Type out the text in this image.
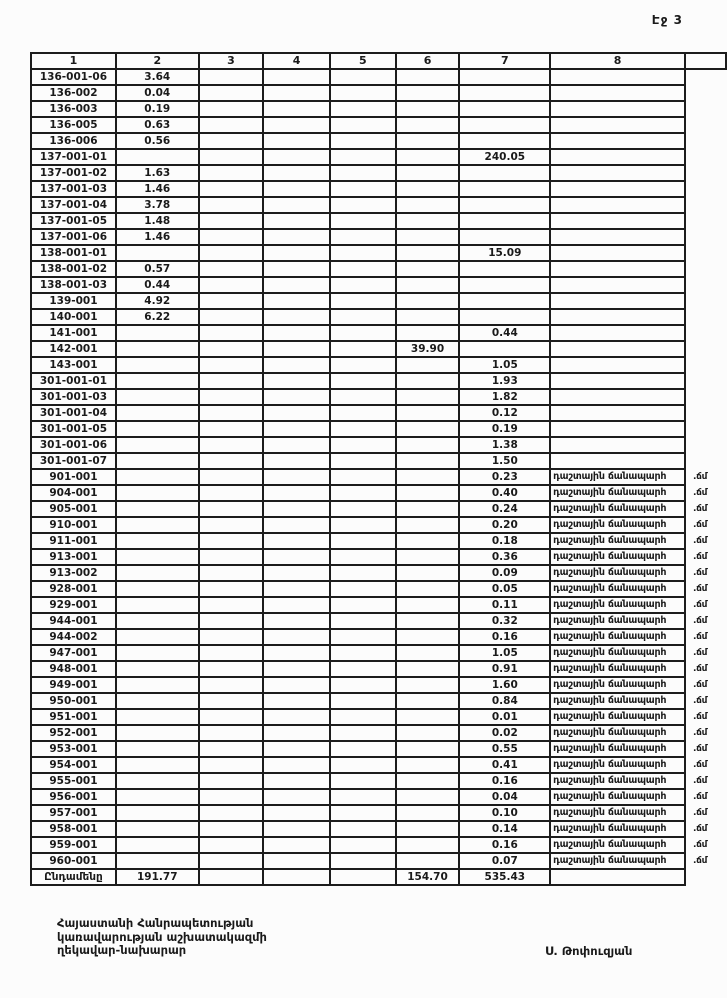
Էջ 3
1	2	3	4	5	6	7	8	
136-001-06	3.64							
136-002	0.04							
136-003	0.19							
136-005	0.63							
136-006	0.56							
137-001-01						240.05		
137-001-02	1.63							
137-001-03	1.46							
137-001-04	3.78							
137-001-05	1.48							
137-001-06	1.46							
138-001-01						15.09		
138-001-02	0.57							
138-001-03	0.44							
139-001	4.92							
140-001	6.22							
141-001						0.44		
142-001					39.90			
143-001						1.05		
301-001-01						1.93		
301-001-03						1.82		
301-001-04						0.12		
301-001-05						0.19		
301-001-06						1.38		
301-001-07						1.50		
901-001						0.23	դաշտային ճանապարհ	.ճմ
904-001						0.40	դաշտային ճանապարհ	.ճմ
905-001						0.24	դաշտային ճանապարհ	.ճմ
910-001						0.20	դաշտային ճանապարհ	.ճմ
911-001						0.18	դաշտային ճանապարհ	.ճմ
913-001						0.36	դաշտային ճանապարհ	.ճմ
913-002						0.09	դաշտային ճանապարհ	.ճմ
928-001						0.05	դաշտային ճանապարհ	.ճմ
929-001						0.11	դաշտային ճանապարհ	.ճմ
944-001						0.32	դաշտային ճանապարհ	.ճմ
944-002						0.16	դաշտային ճանապարհ	.ճմ
947-001						1.05	դաշտային ճանապարհ	.ճմ
948-001						0.91	դաշտային ճանապարհ	.ճմ
949-001						1.60	դաշտային ճանապարհ	.ճմ
950-001						0.84	դաշտային ճանապարհ	.ճմ
951-001						0.01	դաշտային ճանապարհ	.ճմ
952-001						0.02	դաշտային ճանապարհ	.ճմ
953-001						0.55	դաշտային ճանապարհ	.ճմ
954-001						0.41	դաշտային ճանապարհ	.ճմ
955-001						0.16	դաշտային ճանապարհ	.ճմ
956-001						0.04	դաշտային ճանապարհ	.ճմ
957-001						0.10	դաշտային ճանապարհ	.ճմ
958-001						0.14	դաշտային ճանապարհ	.ճմ
959-001						0.16	դաշտային ճանապարհ	.ճմ
960-001						0.07	դաշտային ճանապարհ	.ճմ
Ընդամենը	191.77				154.70	535.43		
Հայաստանի Հանրապետության
կառավարության աշխատակազմի
ղեկավար-նախարար	Ս. Թոփուզյան
